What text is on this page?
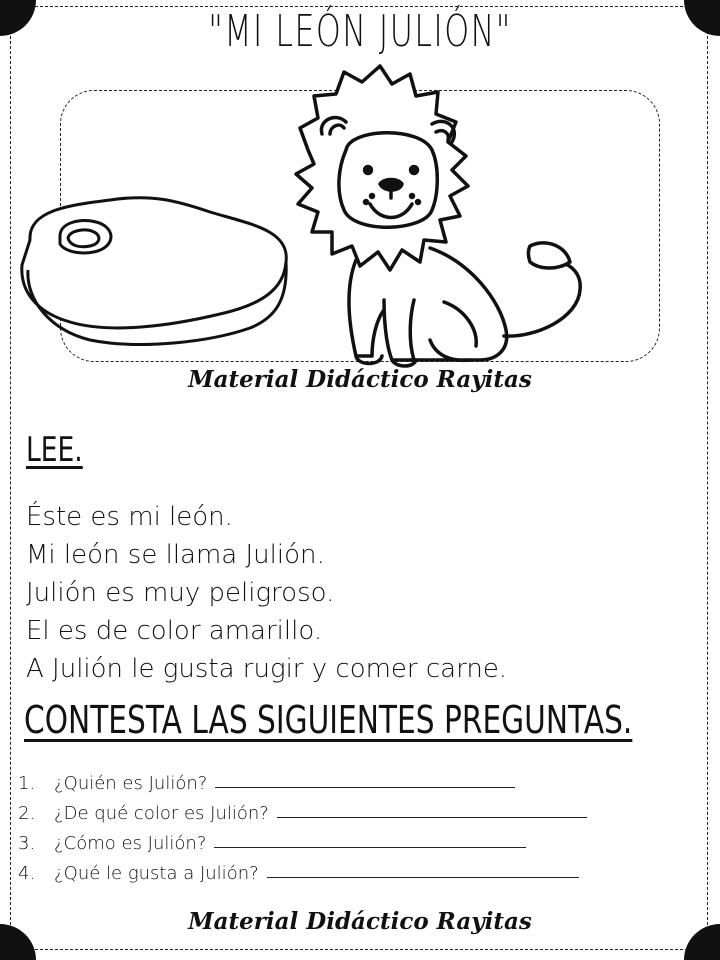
"MI LEÓN JULIÓN"
Material Didáctico Rayitas
LEE.
Éste es mi león.
Mi león se llama Julión.
Julión es muy peligroso.
El es de color amarillo.
A Julión le gusta rugir y comer carne.
CONTESTA LAS SIGUIENTES PREGUNTAS.
1.	¿Quién es Julión?
2.	¿De qué color es Julión?
3.	¿Cómo es Julión?
4.	¿Qué le gusta a Julión?
Material Didáctico Rayitas
